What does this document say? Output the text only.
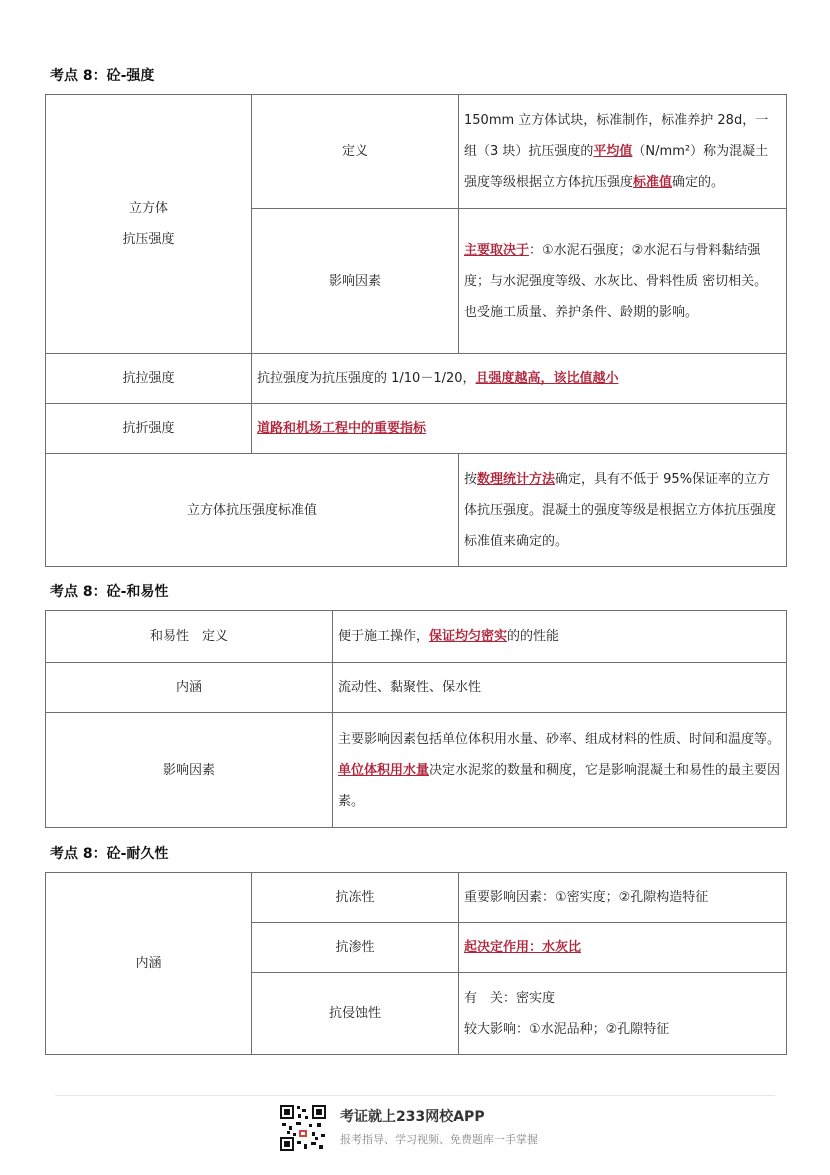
考点 8：砼-强度
立方体
抗压强度	定义	150mm 立方体试块，标准制作，标准养护 28d，一组（3 块）抗压强度的平均值（N/mm²）称为混凝土强度等级根据立方体抗压强度标准值确定的。
	影响因素	主要取决于：①水泥石强度；②水泥石与骨料黏结强度；与水泥强度等级、水灰比、骨料性质 密切相关。
也受施工质量、养护条件、龄期的影响。
抗拉强度	抗拉强度为抗压强度的 1/10－1/20，且强度越高，该比值越小	
抗折强度	道路和机场工程中的重要指标	
立方体抗压强度标准值		按数理统计方法确定，具有不低于 95%保证率的立方体抗压强度。混凝土的强度等级是根据立方体抗压强度标准值来确定的。
考点 8：砼-和易性
和易性　定义	便于施工操作，保证均匀密实的的性能
内涵	流动性、黏聚性、保水性
影响因素	主要影响因素包括单位体积用水量、砂率、组成材料的性质、时间和温度等。单位体积用水量决定水泥浆的数量和稠度，它是影响混凝土和易性的最主要因素。
考点 8：砼-耐久性
内涵	抗冻性	重要影响因素：①密实度；②孔隙构造特征
	抗渗性	起决定作用：水灰比
	抗侵蚀性	有　关：密实度
较大影响：①水泥品种；②孔隙特征
考证就上233网校APP
报考指导、学习视频、免费题库一手掌握
